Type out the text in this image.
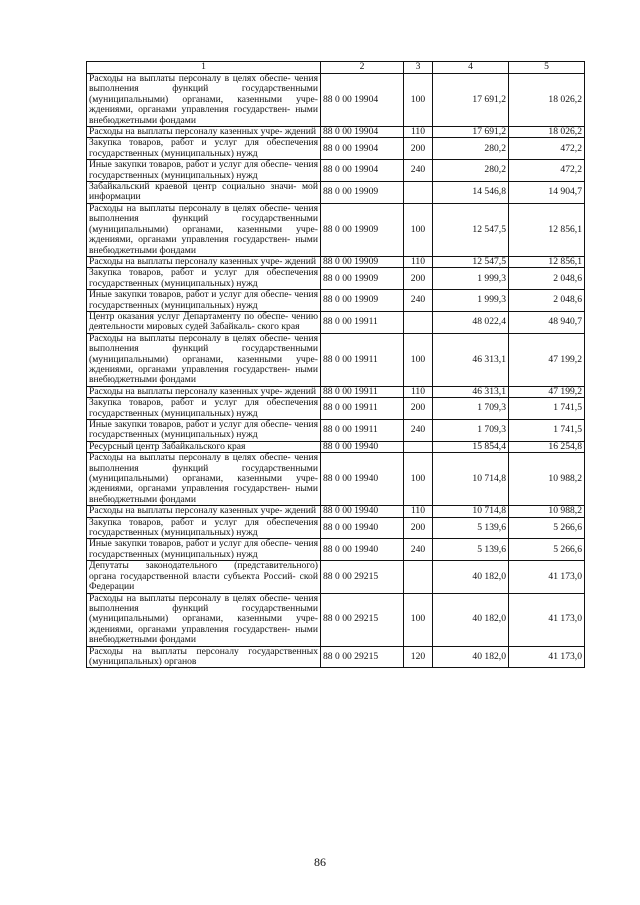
1	2	3	4	5
Расходы на выплаты персоналу в целях обеспе- чения выполнения функций государственными (муниципальными) органами, казенными учре- ждениями, органами управления государствен- ными внебюджетными фондами	88 0 00 19904	100	17 691,2	18 026,2
Расходы на выплаты персоналу казенных учре- ждений	88 0 00 19904	110	17 691,2	18 026,2
Закупка товаров, работ и услуг для обеспечения государственных (муниципальных) нужд	88 0 00 19904	200	280,2	472,2
Иные закупки товаров, работ и услуг для обеспе- чения государственных (муниципальных) нужд	88 0 00 19904	240	280,2	472,2
Забайкальский краевой центр социально значи- мой информации	88 0 00 19909		14 546,8	14 904,7
Расходы на выплаты персоналу в целях обеспе- чения выполнения функций государственными (муниципальными) органами, казенными учре- ждениями, органами управления государствен- ными внебюджетными фондами	88 0 00 19909	100	12 547,5	12 856,1
Расходы на выплаты персоналу казенных учре- ждений	88 0 00 19909	110	12 547,5	12 856,1
Закупка товаров, работ и услуг для обеспечения государственных (муниципальных) нужд	88 0 00 19909	200	1 999,3	2 048,6
Иные закупки товаров, работ и услуг для обеспе- чения государственных (муниципальных) нужд	88 0 00 19909	240	1 999,3	2 048,6
Центр оказания услуг Департаменту по обеспе- чению деятельности мировых судей Забайкаль- ского края	88 0 00 19911		48 022,4	48 940,7
Расходы на выплаты персоналу в целях обеспе- чения выполнения функций государственными (муниципальными) органами, казенными учре- ждениями, органами управления государствен- ными внебюджетными фондами	88 0 00 19911	100	46 313,1	47 199,2
Расходы на выплаты персоналу казенных учре- ждений	88 0 00 19911	110	46 313,1	47 199,2
Закупка товаров, работ и услуг для обеспечения государственных (муниципальных) нужд	88 0 00 19911	200	1 709,3	1 741,5
Иные закупки товаров, работ и услуг для обеспе- чения государственных (муниципальных) нужд	88 0 00 19911	240	1 709,3	1 741,5
Ресурсный центр Забайкальского края	88 0 00 19940		15 854,4	16 254,8
Расходы на выплаты персоналу в целях обеспе- чения выполнения функций государственными (муниципальными) органами, казенными учре- ждениями, органами управления государствен- ными внебюджетными фондами	88 0 00 19940	100	10 714,8	10 988,2
Расходы на выплаты персоналу казенных учре- ждений	88 0 00 19940	110	10 714,8	10 988,2
Закупка товаров, работ и услуг для обеспечения государственных (муниципальных) нужд	88 0 00 19940	200	5 139,6	5 266,6
Иные закупки товаров, работ и услуг для обеспе- чения государственных (муниципальных) нужд	88 0 00 19940	240	5 139,6	5 266,6
Депутаты законодательного (представительного) органа государственной власти субъекта Россий- ской Федерации	88 0 00 29215		40 182,0	41 173,0
Расходы на выплаты персоналу в целях обеспе- чения выполнения функций государственными (муниципальными) органами, казенными учре- ждениями, органами управления государствен- ными внебюджетными фондами	88 0 00 29215	100	40 182,0	41 173,0
Расходы на выплаты персоналу государственных (муниципальных) органов	88 0 00 29215	120	40 182,0	41 173,0
86
